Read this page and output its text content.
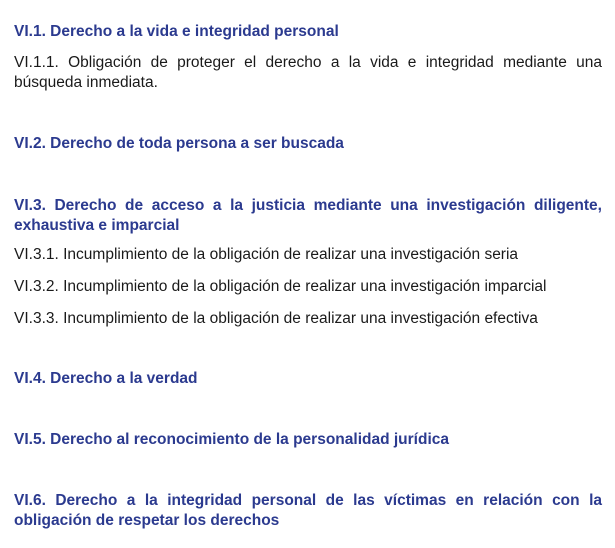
VI.1. Derecho a la vida e integridad personal

VI.1.1. Obligación de proteger el derecho a la vida e integridad mediante una búsqueda inmediata.

VI.2. Derecho de toda persona a ser buscada

VI.3. Derecho de acceso a la justicia mediante una investigación diligente, exhaustiva e imparcial

VI.3.1. Incumplimiento de la obligación de realizar una investigación seria

VI.3.2. Incumplimiento de la obligación de realizar una investigación imparcial

VI.3.3. Incumplimiento de la obligación de realizar una investigación efectiva

VI.4. Derecho a la verdad

VI.5. Derecho al reconocimiento de la personalidad jurídica

VI.6. Derecho a la integridad personal de las víctimas en relación con la obligación de respetar los derechos
